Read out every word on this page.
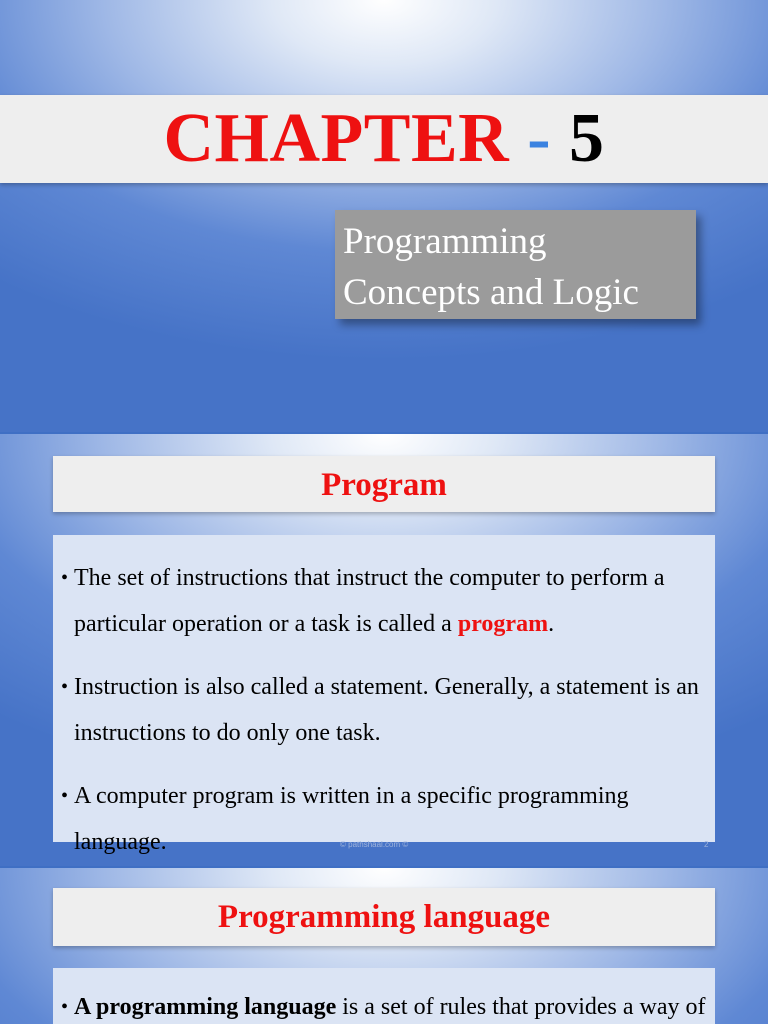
CHAPTER - 5
Programming
Concepts and Logic
Program
• The set of instructions that instruct the computer to perform a particular operation or a task is called a program.
• Instruction is also called a statement. Generally, a statement is an instructions to do only one task.
• A computer program is written in a specific programming language.	© pathshaal.com ©	2
Programming language
• A programming language is a set of rules that provides a way of
